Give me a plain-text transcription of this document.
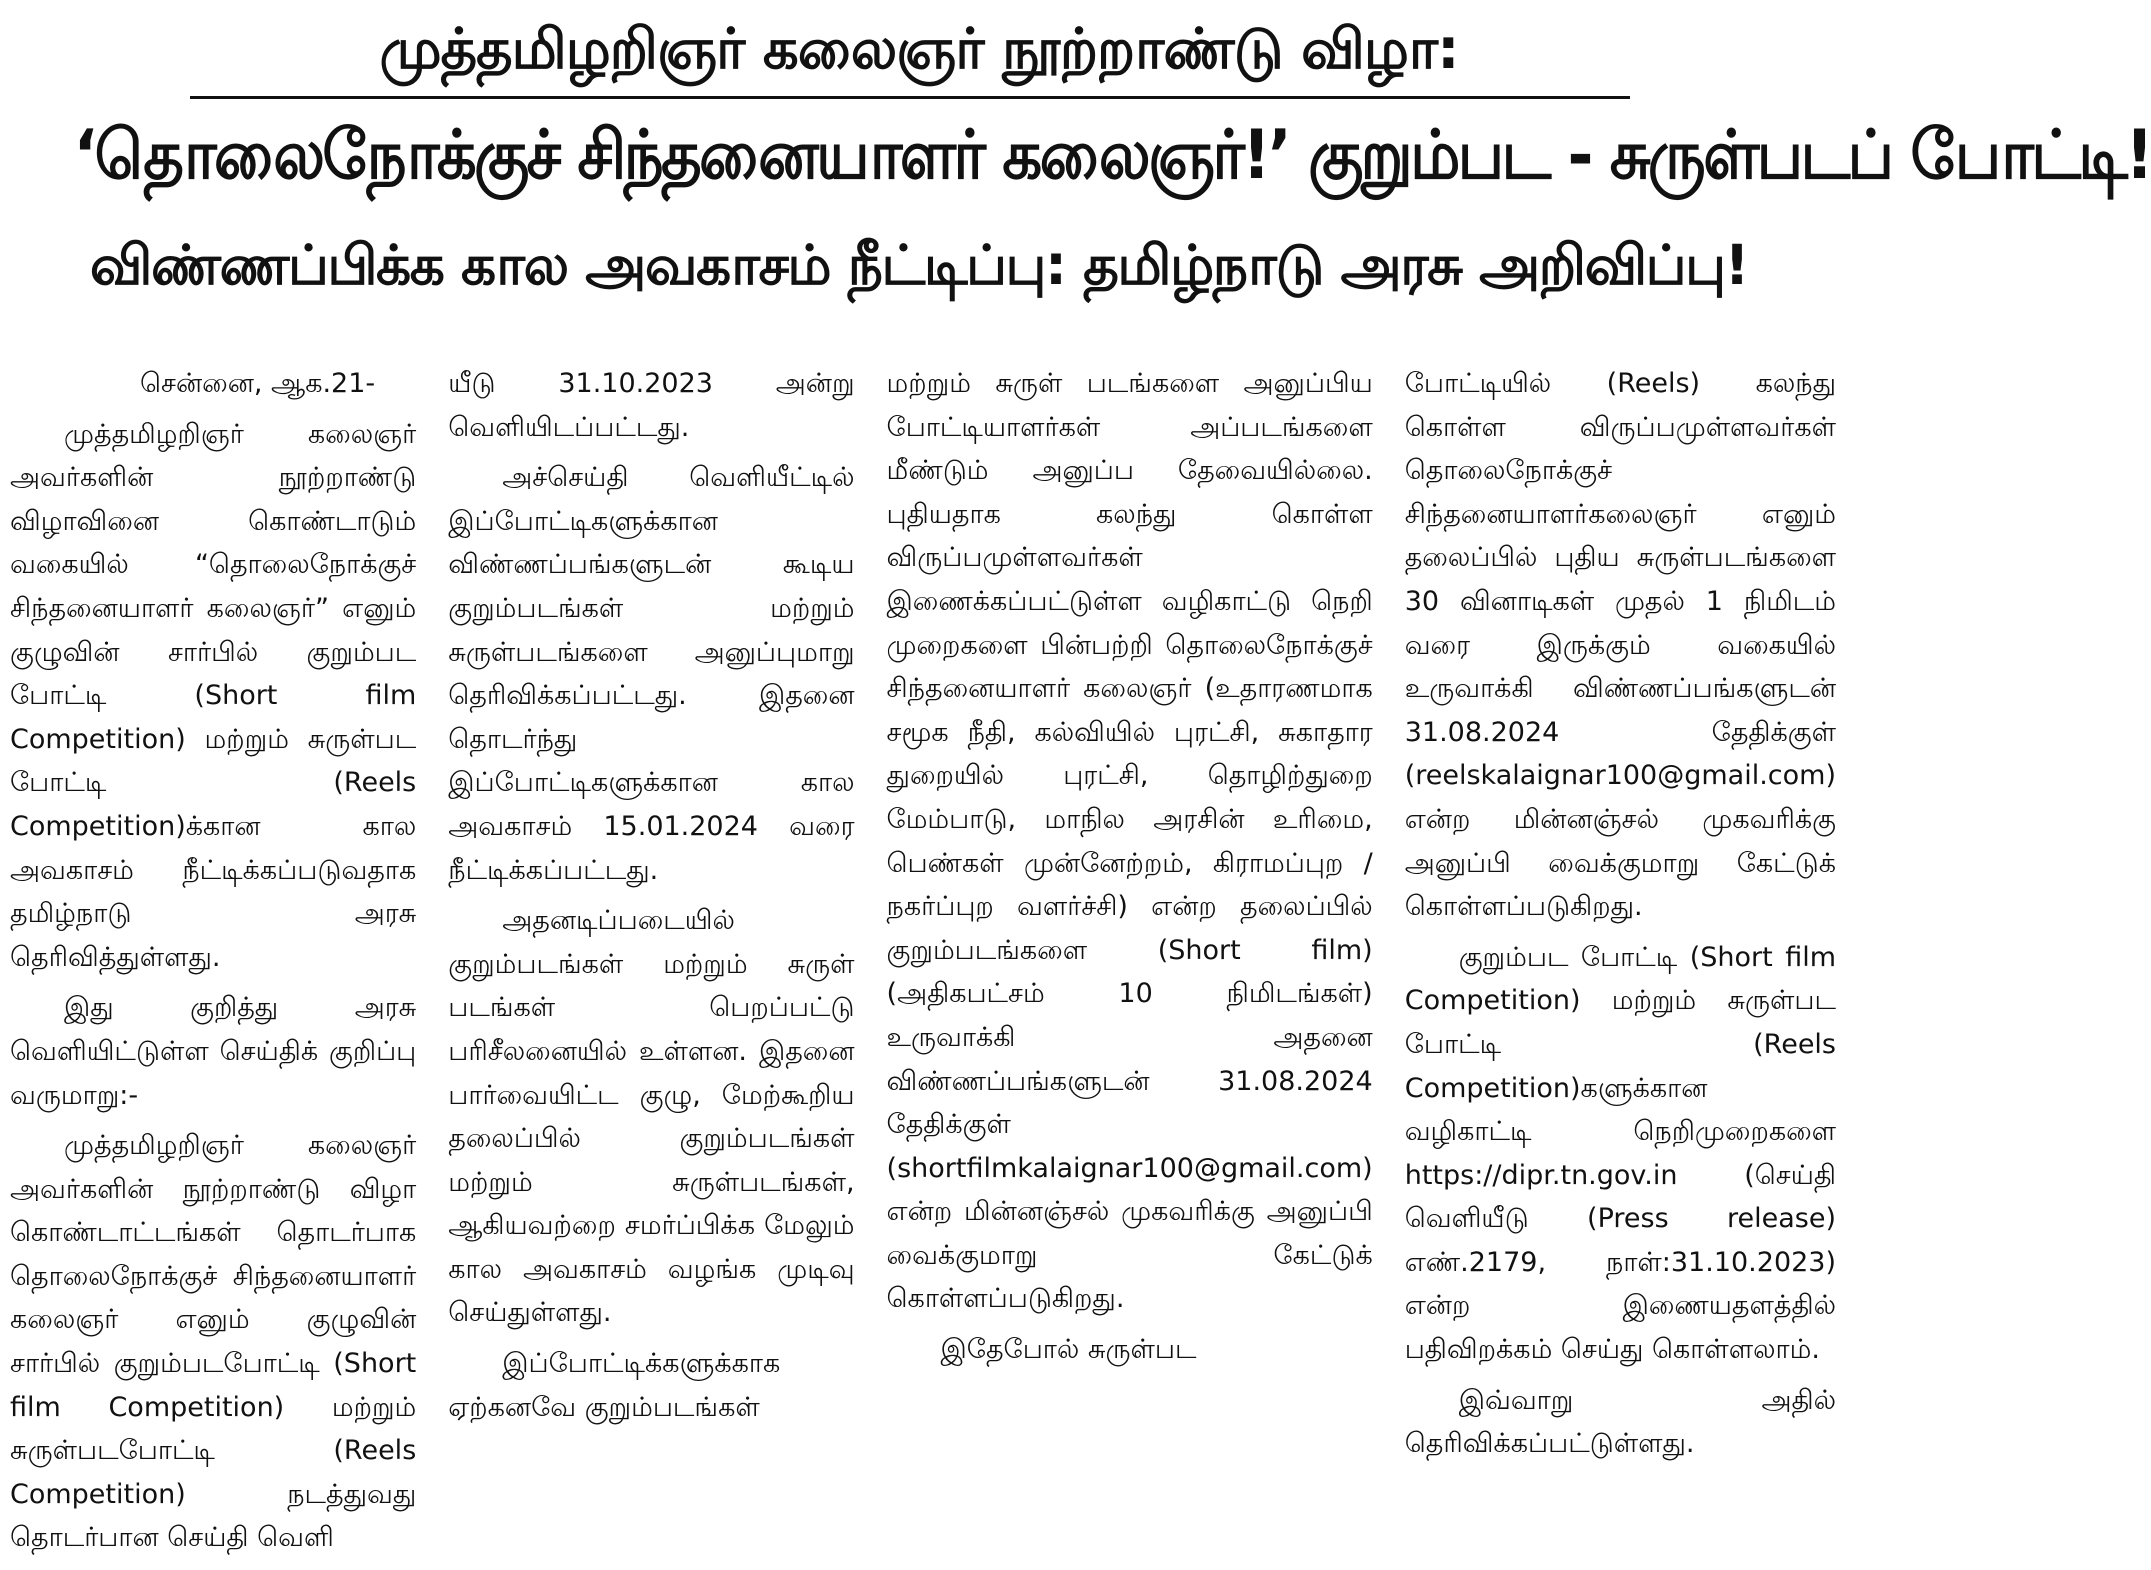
முத்தமிழறிஞர் கலைஞர் நூற்றாண்டு விழா:
‘தொலைநோக்குச் சிந்தனையாளர் கலைஞர்!’ குறும்பட - சுருள்படப் போட்டி!
விண்ணப்பிக்க கால அவகாசம் நீட்டிப்பு: தமிழ்நாடு அரசு அறிவிப்பு!

சென்னை, ஆக.21-

முத்தமிழறிஞர் கலைஞர் அவர்களின் நூற்றாண்டு விழாவினை கொண்டாடும் வகையில் “தொலைநோக்குச் சிந்தனையாளர் கலைஞர்” எனும் குழுவின் சார்பில் குறும்பட போட்டி (Short film Competition) மற்றும் சுருள்பட போட்டி (Reels Competition)க்கான கால அவகாசம் நீட்டிக்கப்படுவதாக தமிழ்நாடு அரசு தெரிவித்துள்ளது.

இது குறித்து அரசு வெளியிட்டுள்ள செய்திக் குறிப்பு வருமாறு:-

முத்தமிழறிஞர் கலைஞர் அவர்களின் நூற்றாண்டு விழா கொண்டாட்டங்கள் தொடர்பாக தொலைநோக்குச் சிந்தனையாளர் கலைஞர் எனும் குழுவின் சார்பில் குறும்படபோட்டி (Short film Competition) மற்றும் சுருள்படபோட்டி (Reels Competition) நடத்துவது தொடர்பான செய்தி வெளி

யீடு 31.10.2023 அன்று வெளியிடப்பட்டது.

அச்செய்தி வெளியீட்டில் இப்போட்டிகளுக்கான விண்ணப்பங்களுடன் கூடிய குறும்படங்கள் மற்றும் சுருள்படங்களை அனுப்புமாறு தெரிவிக்கப்பட்டது. இதனை தொடர்ந்து இப்போட்டிகளுக்கான கால அவகாசம் 15.01.2024 வரை நீட்டிக்கப்பட்டது.

அதனடிப்படையில் குறும்படங்கள் மற்றும் சுருள் படங்கள் பெறப்பட்டு பரிசீலனையில் உள்ளன. இதனை பார்வையிட்ட குழு, மேற்கூறிய தலைப்பில் குறும்படங்கள் மற்றும் சுருள்படங்கள், ஆகியவற்றை சமர்ப்பிக்க மேலும் கால அவகாசம் வழங்க முடிவு செய்துள்ளது.

இப்போட்டிக்களுக்காக ஏற்கனவே குறும்படங்கள்

மற்றும் சுருள் படங்களை அனுப்பிய போட்டியாளர்கள் அப்படங்களை மீண்டும் அனுப்ப தேவையில்லை. புதியதாக கலந்து கொள்ள விருப்பமுள்ளவர்கள் இணைக்கப்பட்டுள்ள வழிகாட்டு நெறி முறைகளை பின்பற்றி தொலைநோக்குச் சிந்தனையாளர் கலைஞர் (உதாரணமாக சமூக நீதி, கல்வியில் புரட்சி, சுகாதார துறையில் புரட்சி, தொழிற்துறை மேம்பாடு, மாநில அரசின் உரிமை, பெண்கள் முன்னேற்றம், கிராமப்புற / நகர்ப்புற வளர்ச்சி) என்ற தலைப்பில் குறும்படங்களை (Short film) (அதிகபட்சம் 10 நிமிடங்கள்) உருவாக்கி அதனை விண்ணப்பங்களுடன் 31.08.2024 தேதிக்குள் (shortfilmkalaignar100@gmail.com) என்ற மின்னஞ்சல் முகவரிக்கு அனுப்பி வைக்குமாறு கேட்டுக் கொள்ளப்படுகிறது.

இதேபோல் சுருள்பட

போட்டியில் (Reels) கலந்து கொள்ள விருப்பமுள்ளவர்கள் தொலைநோக்குச் சிந்தனையாளர்கலைஞர் எனும் தலைப்பில் புதிய சுருள்படங்களை 30 வினாடிகள் முதல் 1 நிமிடம் வரை இருக்கும் வகையில் உருவாக்கி விண்ணப்பங்களுடன் 31.08.2024 தேதிக்குள் (reelskalaignar100@gmail.com) என்ற மின்னஞ்சல் முகவரிக்கு அனுப்பி வைக்குமாறு கேட்டுக் கொள்ளப்படுகிறது.

குறும்பட போட்டி (Short film Competition) மற்றும் சுருள்பட போட்டி (Reels Competition)களுக்கான வழிகாட்டி நெறிமுறைகளை https://dipr.tn.gov.in (செய்தி வெளியீடு (Press release) எண்.2179, நாள்:31.10.2023) என்ற இணையதளத்தில் பதிவிறக்கம் செய்து கொள்ளலாம்.

இவ்வாறு அதில் தெரிவிக்கப்பட்டுள்ளது.
